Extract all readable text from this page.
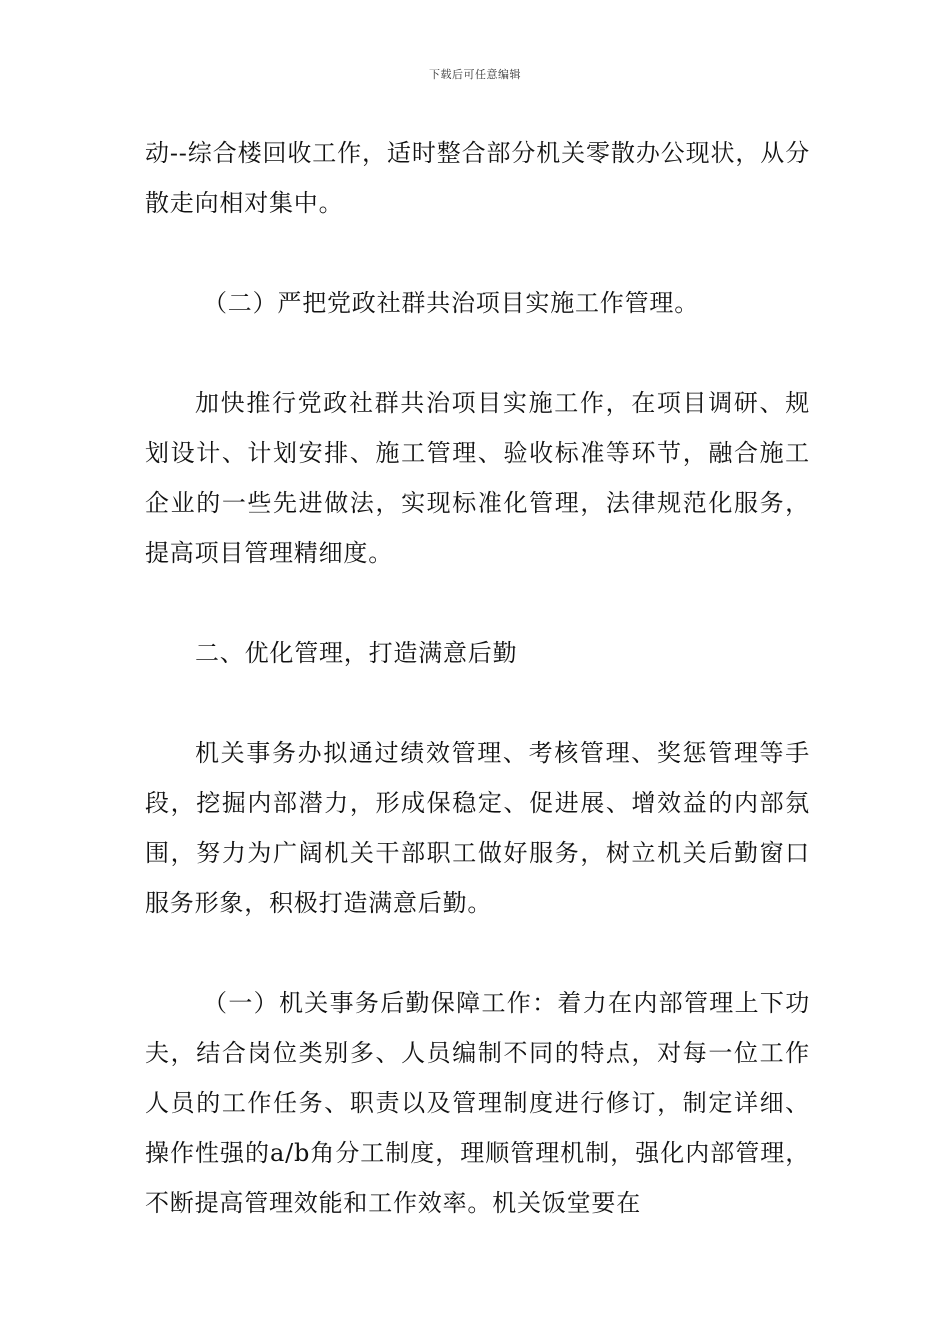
下载后可任意编辑

动--综合楼回收工作，适时整合部分机关零散办公现状，从分散走向相对集中。

（二）严把党政社群共治项目实施工作管理。

加快推行党政社群共治项目实施工作，在项目调研、规划设计、计划安排、施工管理、验收标准等环节，融合施工企业的一些先进做法，实现标准化管理，法律规范化服务，提高项目管理精细度。

二、优化管理，打造满意后勤

机关事务办拟通过绩效管理、考核管理、奖惩管理等手段，挖掘内部潜力，形成保稳定、促进展、增效益的内部氛围，努力为广阔机关干部职工做好服务，树立机关后勤窗口服务形象，积极打造满意后勤。

（一）机关事务后勤保障工作：着力在内部管理上下功夫，结合岗位类别多、人员编制不同的特点，对每一位工作人员的工作任务、职责以及管理制度进行修订，制定详细、操作性强的a/b角分工制度，理顺管理机制，强化内部管理，不断提高管理效能和工作效率。机关饭堂要在
